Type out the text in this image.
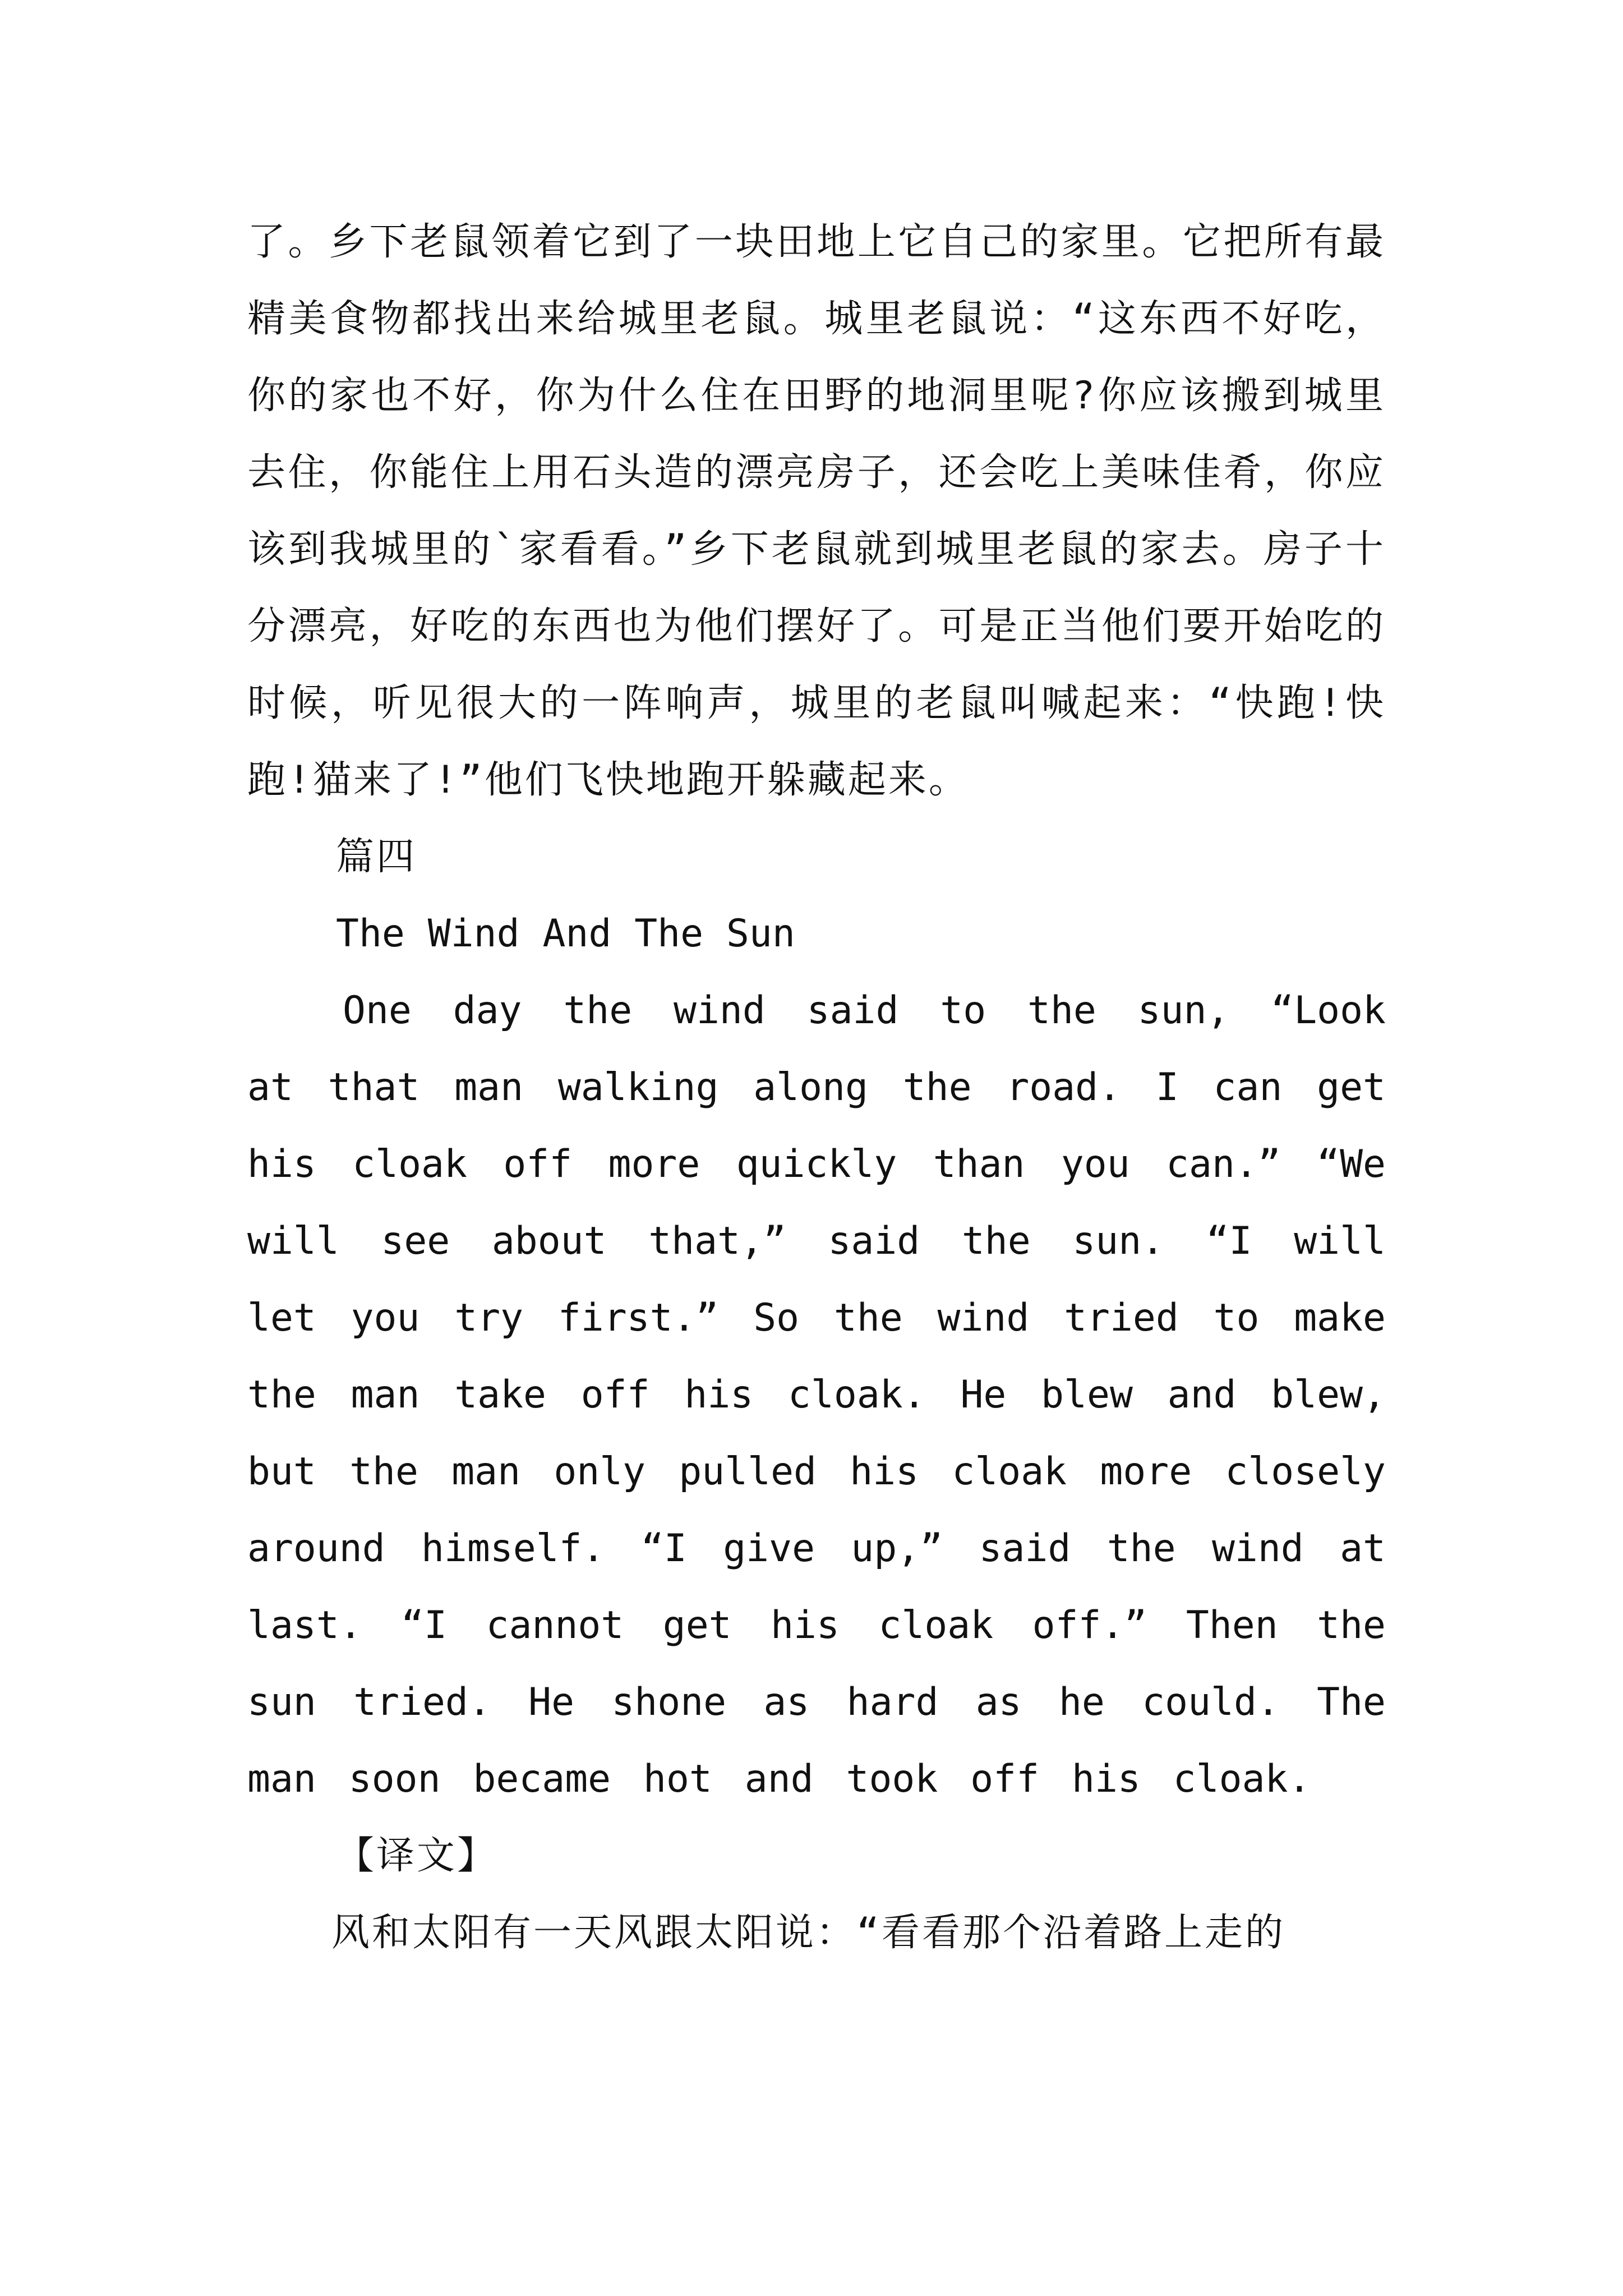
了。乡下老鼠领着它到了一块田地上它自己的家里。它把所有最精美食物都找出来给城里老鼠。城里老鼠说：“这东西不好吃，你的家也不好，你为什么住在田野的地洞里呢?你应该搬到城里去住，你能住上用石头造的漂亮房子，还会吃上美味佳肴，你应该到我城里的`家看看。”乡下老鼠就到城里老鼠的家去。房子十分漂亮，好吃的东西也为他们摆好了。可是正当他们要开始吃的时候，听见很大的一阵响声，城里的老鼠叫喊起来：“快跑!快跑!猫来了!”他们飞快地跑开躲藏起来。

篇四

The Wind And The Sun

One day the wind said to the sun, “Look at that man walking along the road. I can get his cloak off more quickly than you can.” “We will see about that,” said the sun. “I will let you try first.” So the wind tried to make the man take off his cloak. He blew and blew, but the man only pulled his cloak more closely around himself. “I give up,” said the wind at last. “I cannot get his cloak off.” Then the sun tried. He shone as hard as he could. The man soon became hot and took off his cloak.

【译文】

风和太阳有一天风跟太阳说：“看看那个沿着路上走的
